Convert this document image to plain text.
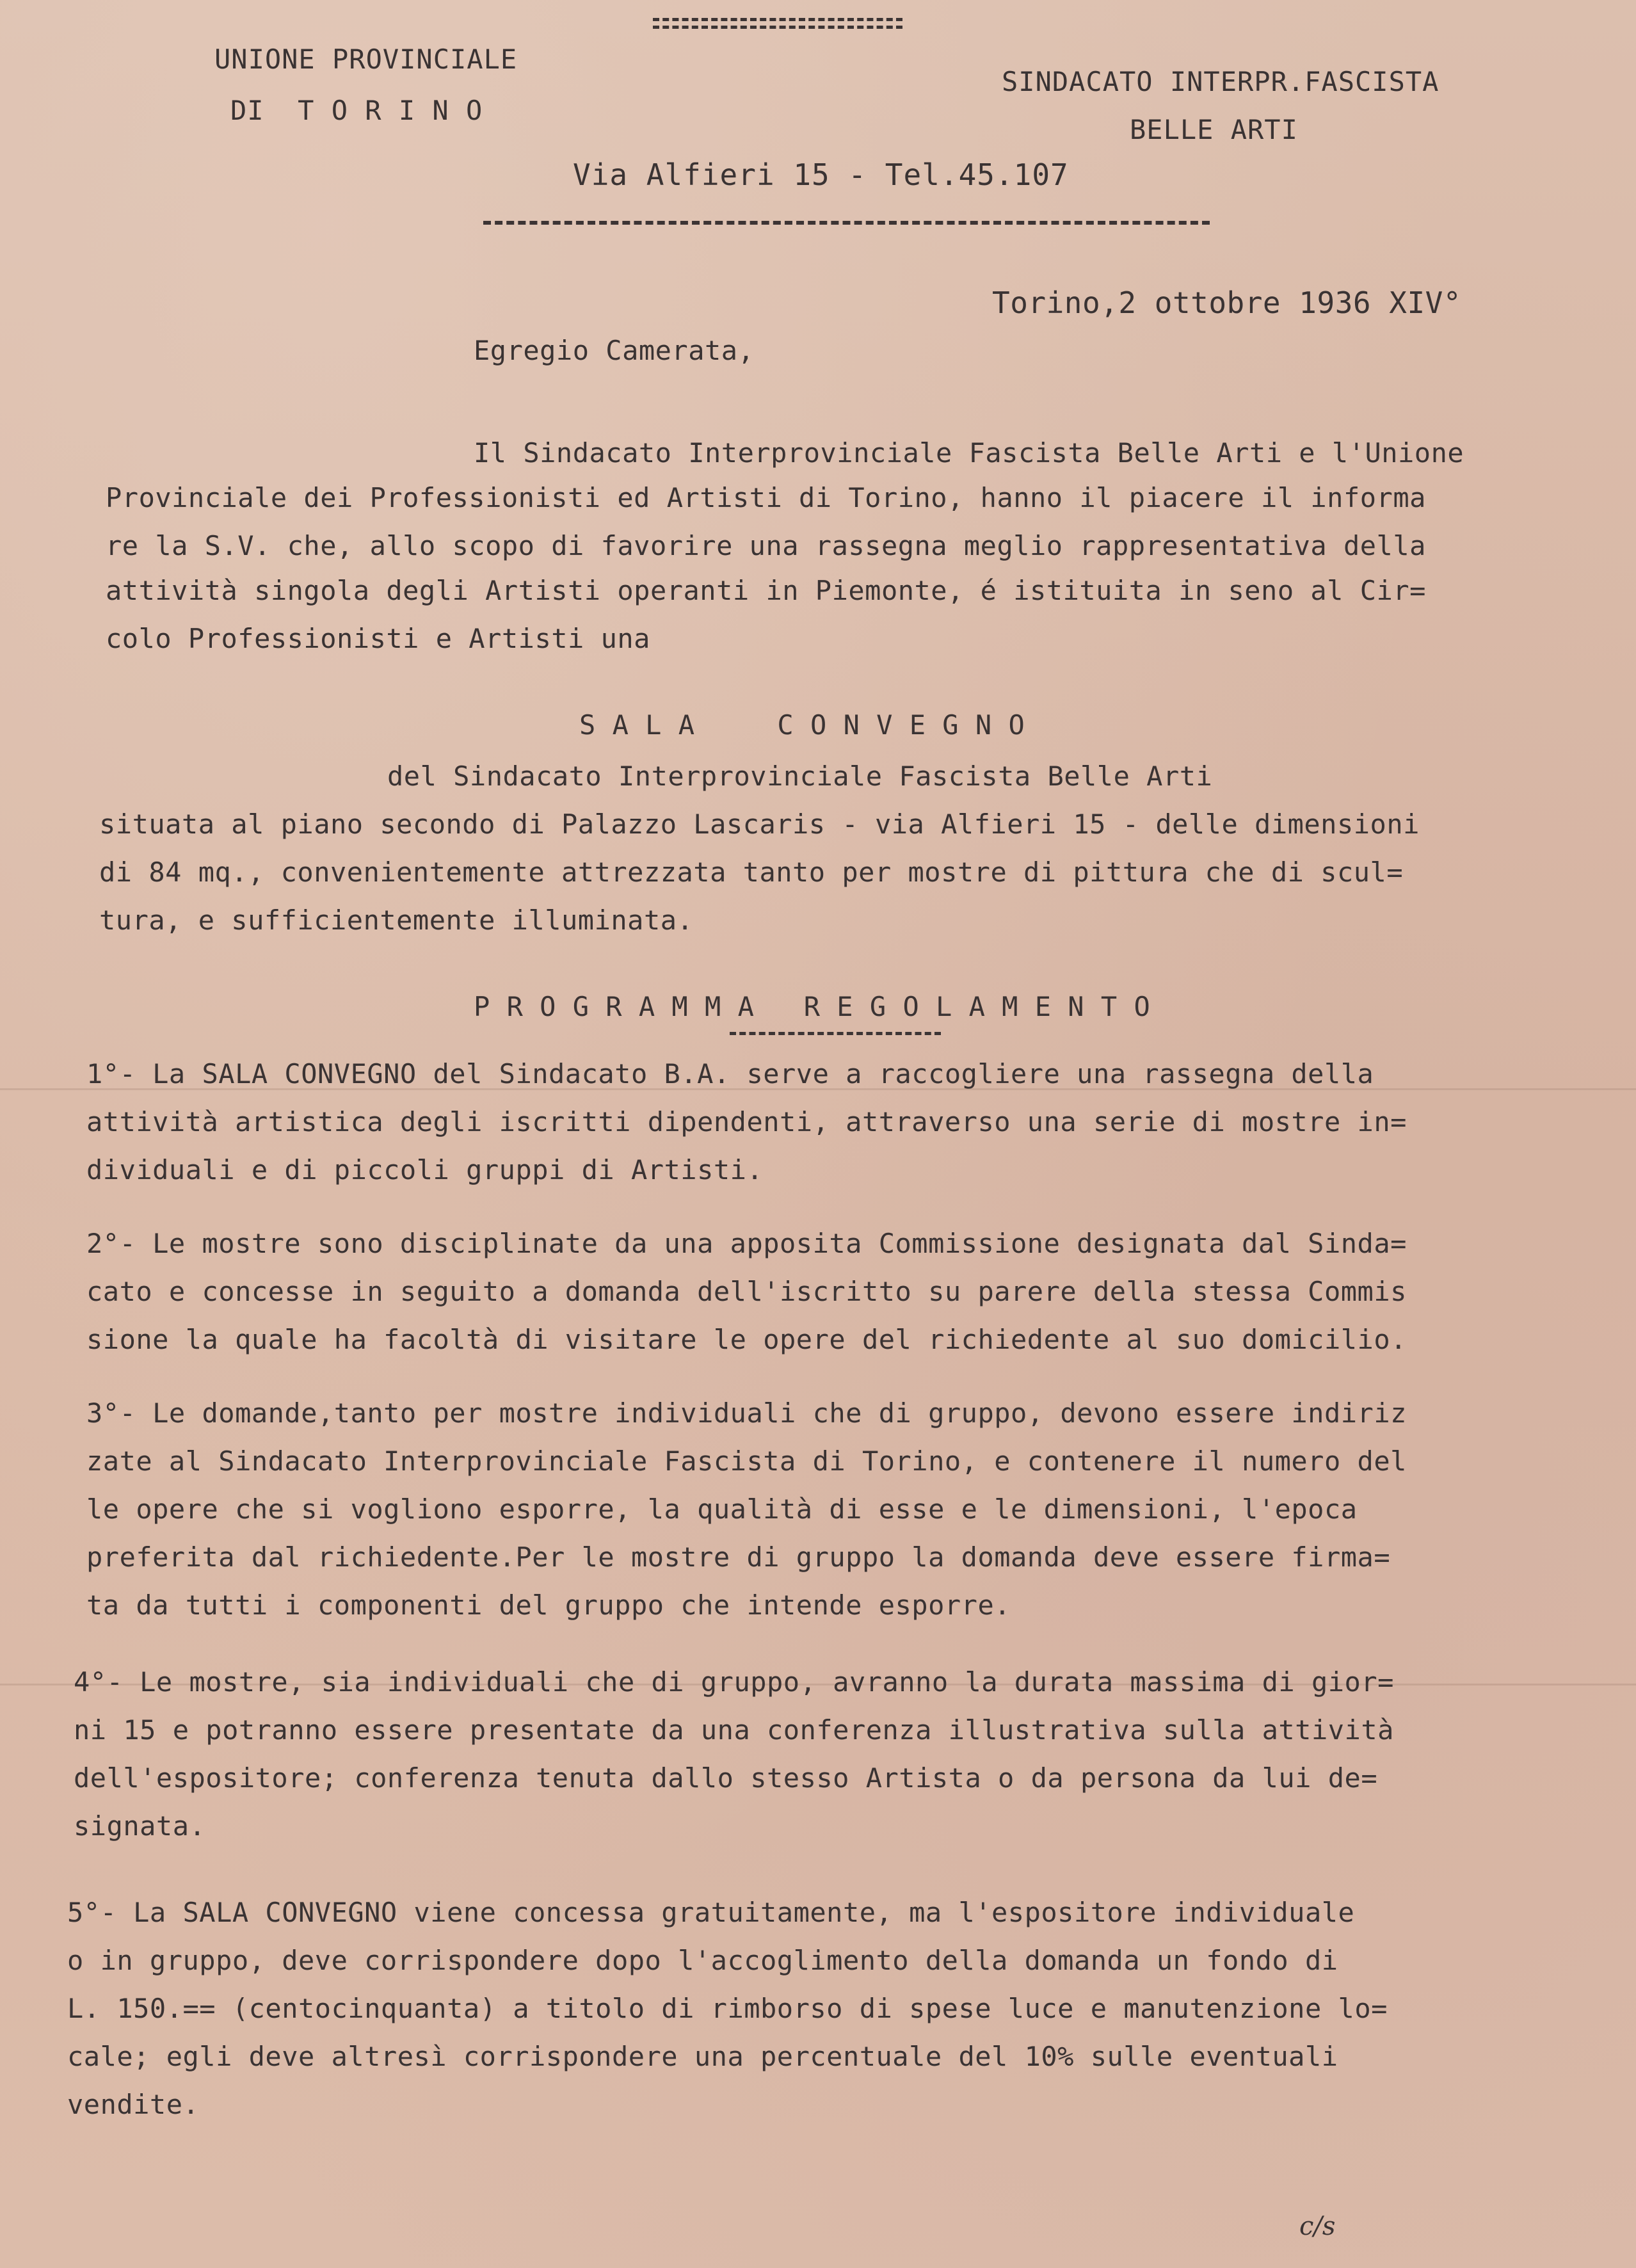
UNIONE PROVINCIALE
DI  T O R I N O
SINDACATO INTERPR.FASCISTA
BELLE ARTI
Via Alfieri 15 - Tel.45.107
Torino,2 ottobre 1936 XIV°
Egregio Camerata,
Il Sindacato Interprovinciale Fascista Belle Arti e l'Unione
Provinciale dei Professionisti ed Artisti di Torino, hanno il piacere il informa
re la S.V. che, allo scopo di favorire una rassegna meglio rappresentativa della
attività singola degli Artisti operanti in Piemonte, é istituita in seno al Cir=
colo Professionisti e Artisti una
S A L A     C O N V E G N O
del Sindacato Interprovinciale Fascista Belle Arti
situata al piano secondo di Palazzo Lascaris - via Alfieri 15 - delle dimensioni
di 84 mq., convenientemente attrezzata tanto per mostre di pittura che di scul=
tura, e sufficientemente illuminata.
P R O G R A M M A   R E G O L A M E N T O
1°- La SALA CONVEGNO del Sindacato B.A. serve a raccogliere una rassegna della
attività artistica degli iscritti dipendenti, attraverso una serie di mostre in=
dividuali e di piccoli gruppi di Artisti.
2°- Le mostre sono disciplinate da una apposita Commissione designata dal Sinda=
cato e concesse in seguito a domanda dell'iscritto su parere della stessa Commis
sione la quale ha facoltà di visitare le opere del richiedente al suo domicilio.
3°- Le domande,tanto per mostre individuali che di gruppo, devono essere indiriz
zate al Sindacato Interprovinciale Fascista di Torino, e contenere il numero del
le opere che si vogliono esporre, la qualità di esse e le dimensioni, l'epoca
preferita dal richiedente.Per le mostre di gruppo la domanda deve essere firma=
ta da tutti i componenti del gruppo che intende esporre.
4°- Le mostre, sia individuali che di gruppo, avranno la durata massima di gior=
ni 15 e potranno essere presentate da una conferenza illustrativa sulla attività
dell'espositore; conferenza tenuta dallo stesso Artista o da persona da lui de=
signata.
5°- La SALA CONVEGNO viene concessa gratuitamente, ma l'espositore individuale
o in gruppo, deve corrispondere dopo l'accoglimento della domanda un fondo di
L. 150.== (centocinquanta) a titolo di rimborso di spese luce e manutenzione lo=
cale; egli deve altresì corrispondere una percentuale del 10% sulle eventuali
vendite.
c/s
